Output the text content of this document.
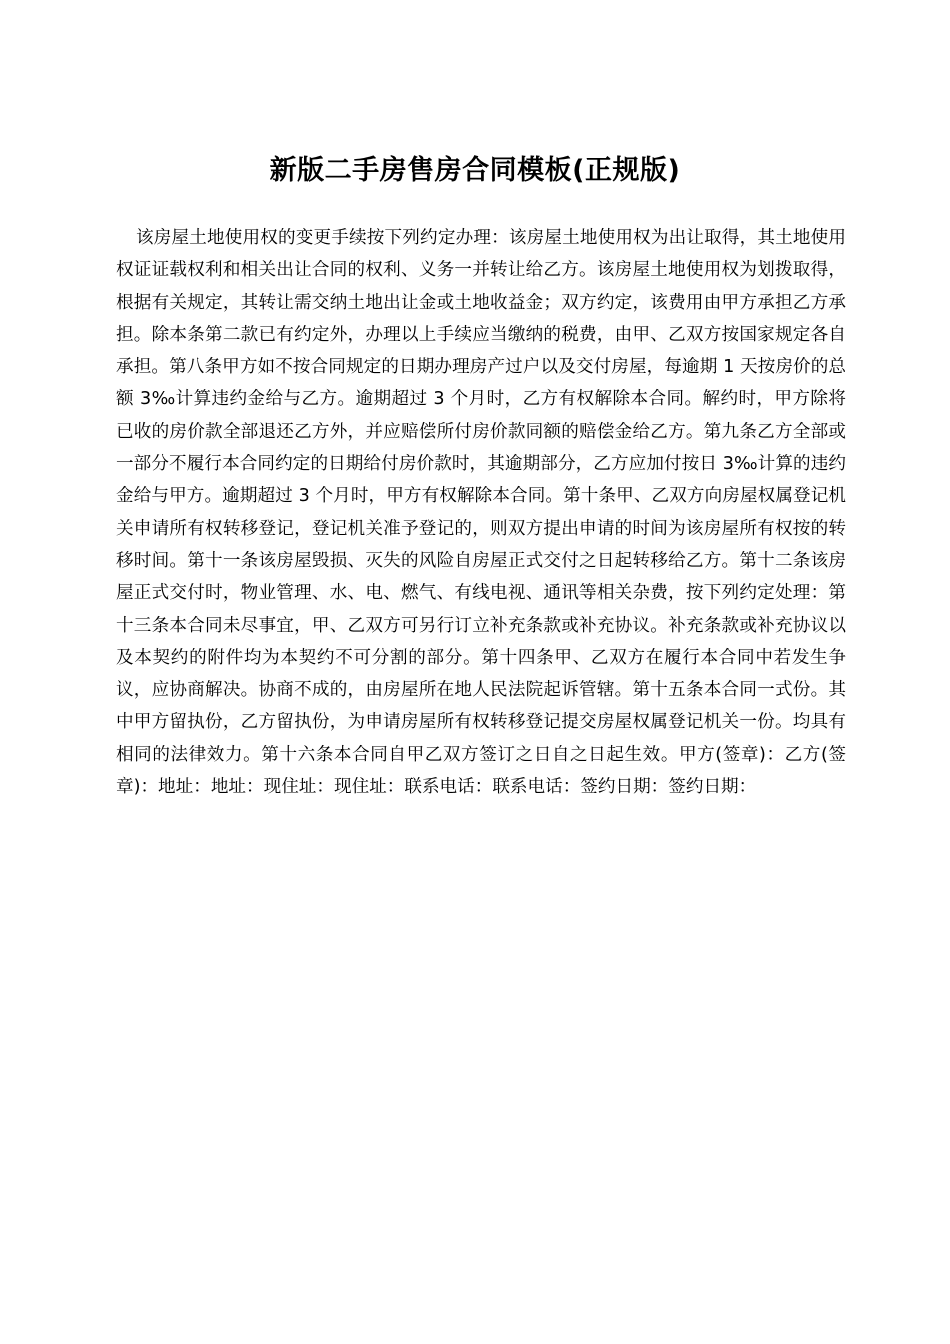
新版二手房售房合同模板(正规版)

该房屋土地使用权的变更手续按下列约定办理：该房屋土地使用权为出让取得，其土地使用权证证载权利和相关出让合同的权利、义务一并转让给乙方。该房屋土地使用权为划拨取得，根据有关规定，其转让需交纳土地出让金或土地收益金；双方约定，该费用由甲方承担乙方承担。除本条第二款已有约定外，办理以上手续应当缴纳的税费，由甲、乙双方按国家规定各自承担。第八条甲方如不按合同规定的日期办理房产过户以及交付房屋，每逾期 1 天按房价的总额 3‰计算违约金给与乙方。逾期超过 3 个月时，乙方有权解除本合同。解约时，甲方除将已收的房价款全部退还乙方外，并应赔偿所付房价款同额的赔偿金给乙方。第九条乙方全部或一部分不履行本合同约定的日期给付房价款时，其逾期部分，乙方应加付按日 3‰计算的违约金给与甲方。逾期超过 3 个月时，甲方有权解除本合同。第十条甲、乙双方向房屋权属登记机关申请所有权转移登记，登记机关准予登记的，则双方提出申请的时间为该房屋所有权按的转移时间。第十一条该房屋毁损、灭失的风险自房屋正式交付之日起转移给乙方。第十二条该房屋正式交付时，物业管理、水、电、燃气、有线电视、通讯等相关杂费，按下列约定处理：第十三条本合同未尽事宜，甲、乙双方可另行订立补充条款或补充协议。补充条款或补充协议以及本契约的附件均为本契约不可分割的部分。第十四条甲、乙双方在履行本合同中若发生争议，应协商解决。协商不成的，由房屋所在地人民法院起诉管辖。第十五条本合同一式份。其中甲方留执份，乙方留执份，为申请房屋所有权转移登记提交房屋权属登记机关一份。均具有相同的法律效力。第十六条本合同自甲乙双方签订之日自之日起生效。甲方(签章)：乙方(签章)：地址：地址：现住址：现住址：联系电话：联系电话：签约日期：签约日期：
